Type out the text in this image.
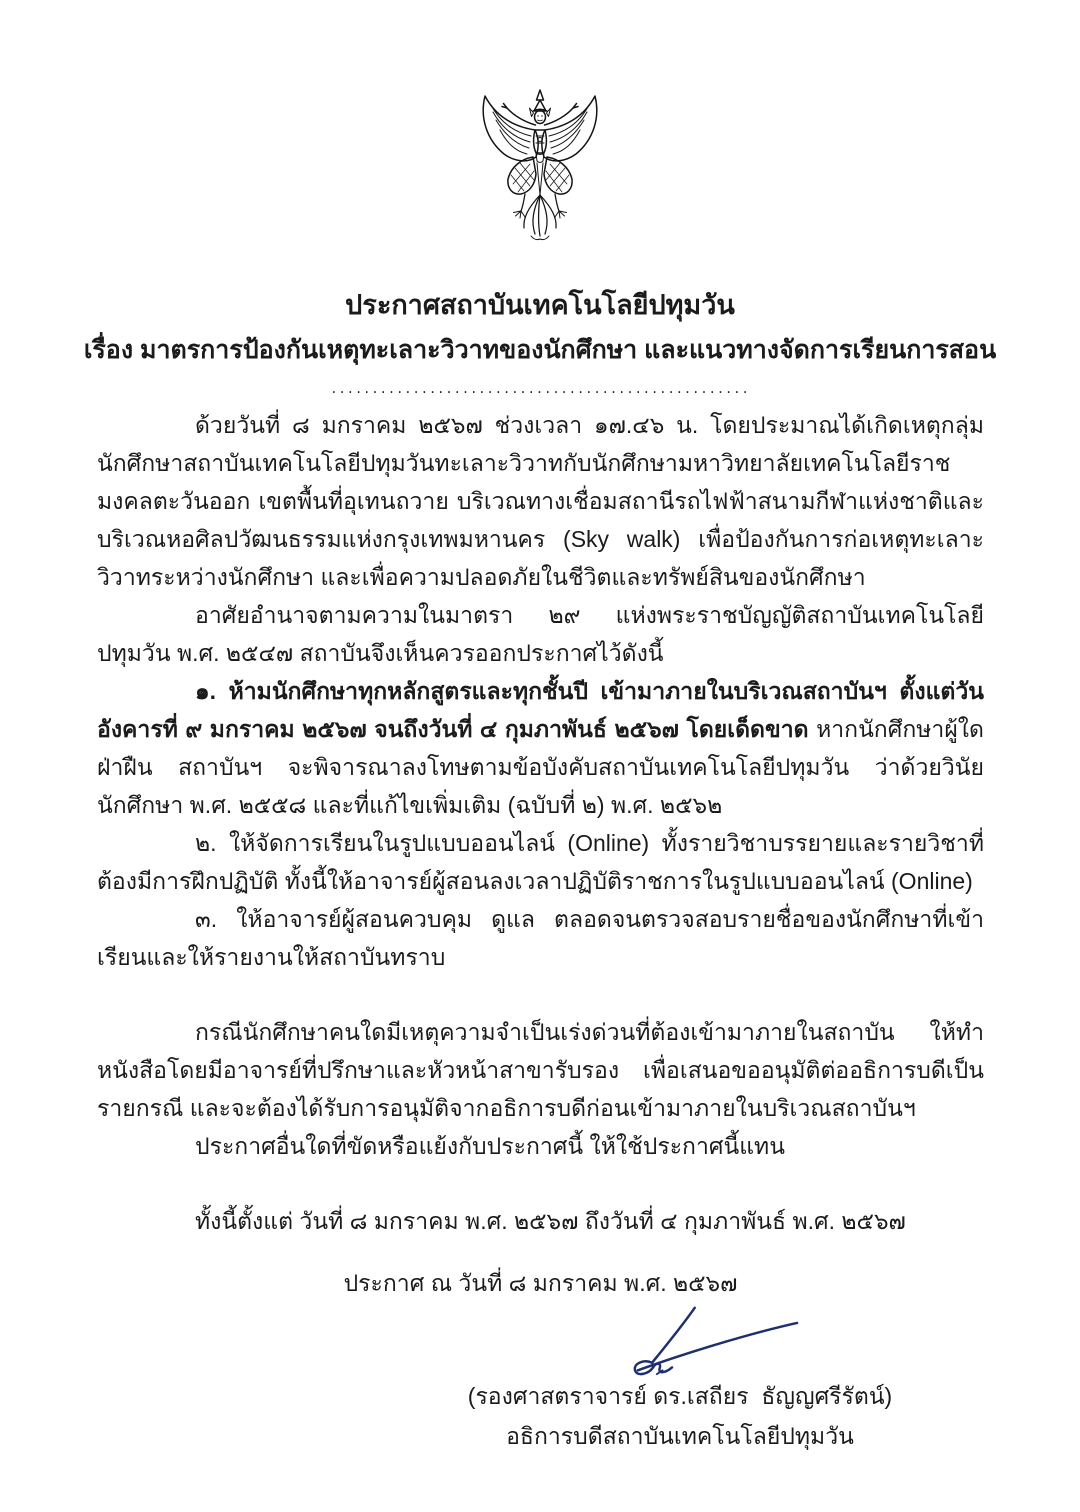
ประกาศสถาบันเทคโนโลยีปทุมวัน
เรื่อง มาตรการป้องกันเหตุทะเลาะวิวาทของนักศึกษา และแนวทางจัดการเรียนการสอน
...................................................

ด้วยวันที่ ๘ มกราคม ๒๕๖๗ ช่วงเวลา ๑๗.๔๖ น. โดยประมาณได้เกิดเหตุกลุ่มนักศึกษาสถาบันเทคโนโลยีปทุมวันทะเลาะวิวาทกับนักศึกษามหาวิทยาลัยเทคโนโลยีราชมงคลตะวันออก เขตพื้นที่อุเทนถวาย บริเวณทางเชื่อมสถานีรถไฟฟ้าสนามกีฬาแห่งชาติและบริเวณหอศิลปวัฒนธรรมแห่งกรุงเทพมหานคร (Sky walk) เพื่อป้องกันการก่อเหตุทะเลาะวิวาทระหว่างนักศึกษา และเพื่อความปลอดภัยในชีวิตและทรัพย์สินของนักศึกษา

อาศัยอำนาจตามความในมาตรา ๒๙ แห่งพระราชบัญญัติสถาบันเทคโนโลยีปทุมวัน พ.ศ. ๒๕๔๗ สถาบันจึงเห็นควรออกประกาศไว้ดังนี้

๑. ห้ามนักศึกษาทุกหลักสูตรและทุกชั้นปี เข้ามาภายในบริเวณสถาบันฯ ตั้งแต่วันอังคารที่ ๙ มกราคม ๒๕๖๗ จนถึงวันที่ ๔ กุมภาพันธ์ ๒๕๖๗ โดยเด็ดขาด หากนักศึกษาผู้ใดฝ่าฝืน สถาบันฯ จะพิจารณาลงโทษตามข้อบังคับสถาบันเทคโนโลยีปทุมวัน ว่าด้วยวินัยนักศึกษา พ.ศ. ๒๕๕๘ และที่แก้ไขเพิ่มเติม (ฉบับที่ ๒) พ.ศ. ๒๕๖๒

๒. ให้จัดการเรียนในรูปแบบออนไลน์ (Online) ทั้งรายวิชาบรรยายและรายวิชาที่ต้องมีการฝึกปฏิบัติ ทั้งนี้ให้อาจารย์ผู้สอนลงเวลาปฏิบัติราชการในรูปแบบออนไลน์ (Online)

๓. ให้อาจารย์ผู้สอนควบคุม ดูแล ตลอดจนตรวจสอบรายชื่อของนักศึกษาที่เข้าเรียนและให้รายงานให้สถาบันทราบ

กรณีนักศึกษาคนใดมีเหตุความจำเป็นเร่งด่วนที่ต้องเข้ามาภายในสถาบัน ให้ทำหนังสือโดยมีอาจารย์ที่ปรึกษาและหัวหน้าสาขารับรอง เพื่อเสนอขออนุมัติต่ออธิการบดีเป็นรายกรณี และจะต้องได้รับการอนุมัติจากอธิการบดีก่อนเข้ามาภายในบริเวณสถาบันฯ

ประกาศอื่นใดที่ขัดหรือแย้งกับประกาศนี้ ให้ใช้ประกาศนี้แทน

ทั้งนี้ตั้งแต่ วันที่ ๘ มกราคม พ.ศ. ๒๕๖๗ ถึงวันที่ ๔ กุมภาพันธ์ พ.ศ. ๒๕๖๗

ประกาศ ณ วันที่ ๘ มกราคม พ.ศ. ๒๕๖๗

(รองศาสตราจารย์ ดร.เสถียร  ธัญญศรีรัตน์)
อธิการบดีสถาบันเทคโนโลยีปทุมวัน
